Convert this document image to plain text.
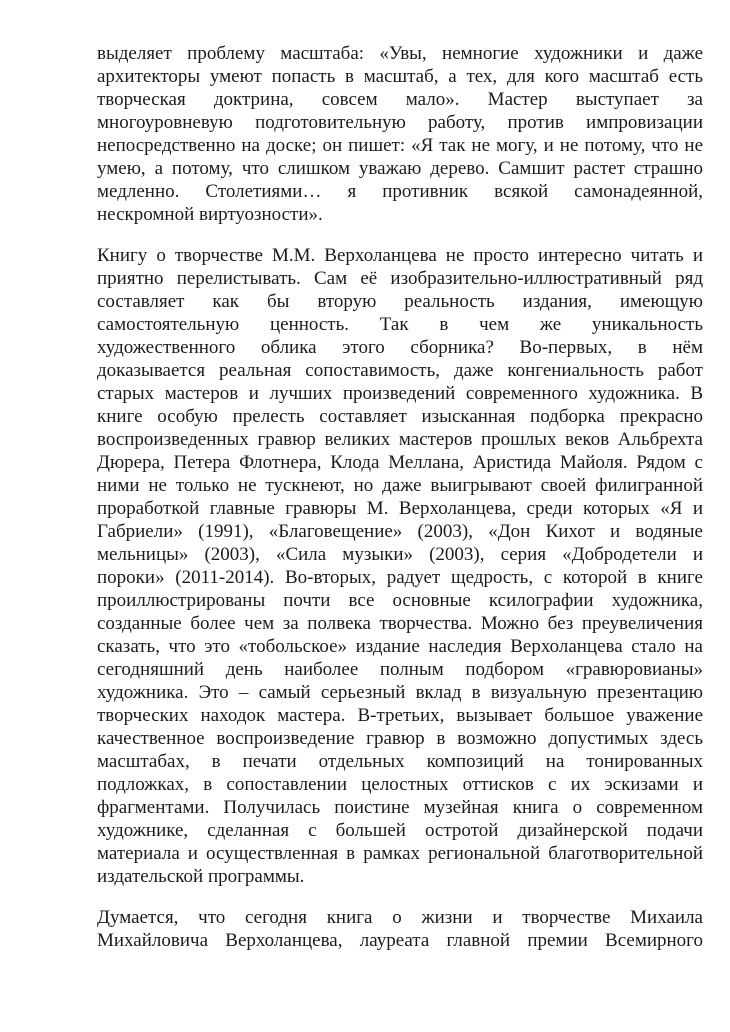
выделяет проблему масштаба: «Увы, немногие художники и даже
архитекторы умеют попасть в масштаб, а тех, для кого масштаб есть
творческая доктрина, совсем мало». Мастер выступает за
многоуровневую подготовительную работу, против импровизации
непосредственно на доске; он пишет: «Я так не могу, и не потому, что не
умею, а потому, что слишком уважаю дерево. Самшит растет страшно
медленно. Столетиями… я противник всякой самонадеянной,
нескромной виртуозности».
Книгу о творчестве М.М. Верхоланцева не просто интересно читать и
приятно перелистывать. Сам её изобразительно-иллюстративный ряд
составляет как бы вторую реальность издания, имеющую
самостоятельную ценность. Так в чем же уникальность
художественного облика этого сборника? Во-первых, в нём
доказывается реальная сопоставимость, даже конгениальность работ
старых мастеров и лучших произведений современного художника. В
книге особую прелесть составляет изысканная подборка прекрасно
воспроизведенных гравюр великих мастеров прошлых веков Альбрехта
Дюрера, Петера Флотнера, Клода Меллана, Аристида Майоля. Рядом с
ними не только не тускнеют, но даже выигрывают своей филигранной
проработкой главные гравюры М. Верхоланцева, среди которых «Я и
Габриели» (1991), «Благовещение» (2003), «Дон Кихот и водяные
мельницы» (2003), «Сила музыки» (2003), серия «Добродетели и
пороки» (2011-2014). Во-вторых, радует щедрость, с которой в книге
проиллюстрированы почти все основные ксилографии художника,
созданные более чем за полвека творчества. Можно без преувеличения
сказать, что это «тобольское» издание наследия Верхоланцева стало на
сегодняшний день наиболее полным подбором «гравюровианы»
художника. Это – самый серьезный вклад в визуальную презентацию
творческих находок мастера. В-третьих, вызывает большое уважение
качественное воспроизведение гравюр в возможно допустимых здесь
масштабах, в печати отдельных композиций на тонированных
подложках, в сопоставлении целостных оттисков с их эскизами и
фрагментами. Получилась поистине музейная книга о современном
художнике, сделанная с большей остротой дизайнерской подачи
материала и осуществленная в рамках региональной благотворительной
издательской программы.
Думается, что сегодня книга о жизни и творчестве Михаила
Михайловича Верхоланцева, лауреата главной премии Всемирного
